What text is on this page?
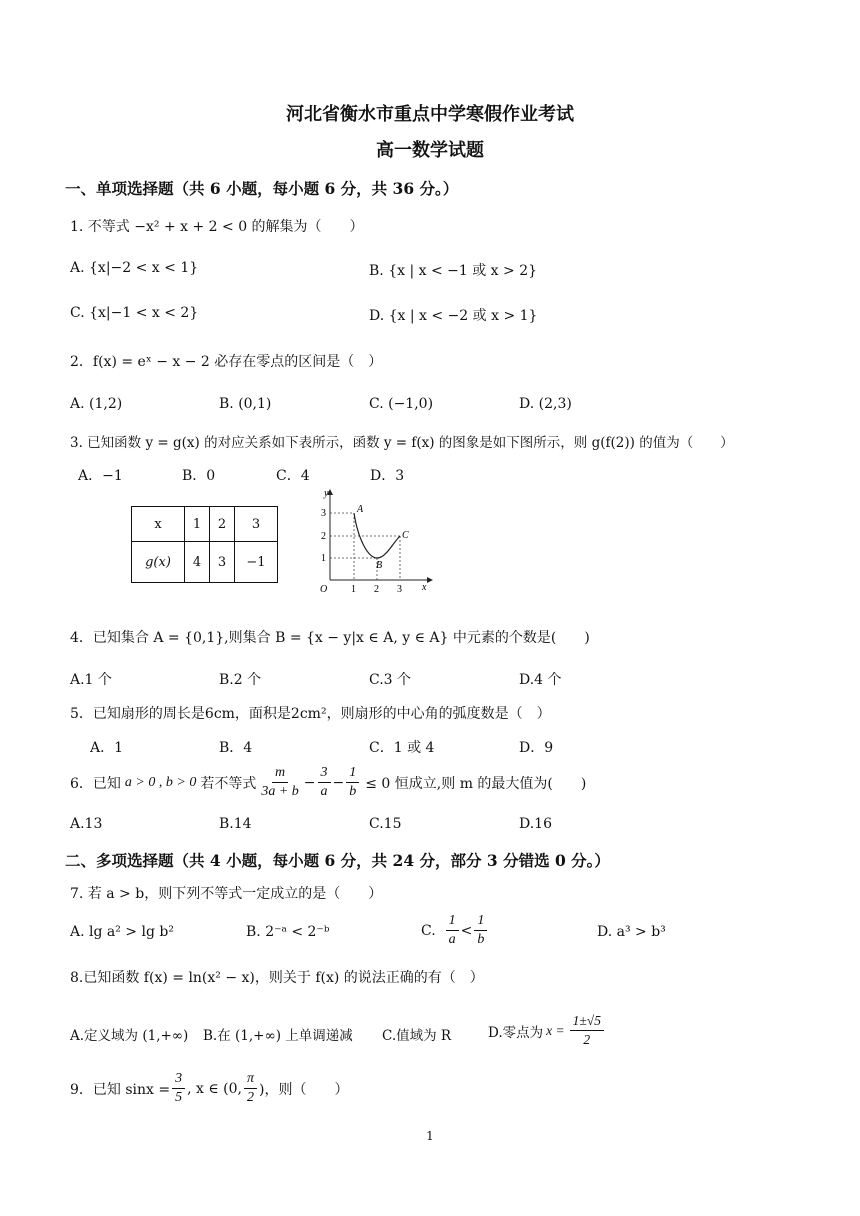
河北省衡水市重点中学寒假作业考试
高一数学试题
一、单项选择题（共 6 小题，每小题 6 分，共 36 分。）
1. 不等式 −x² + x + 2 < 0 的解集为（　　）
A. {x|−2 < x < 1}	B. {x | x < −1 或 x > 2}
C. {x|−1 < x < 2}	D. {x | x < −2 或 x > 1}
2．f(x) = eˣ − x − 2 必存在零点的区间是（　）
A. (1,2)	B. (0,1)	C. (−1,0)	D. (2,3)
3. 已知函数 y = g(x) 的对应关系如下表所示，函数 y = f(x) 的图象是如下图所示，则 g(f(2)) 的值为（　　）
A．−1	B．0	C．4	D．3
x	1	2	3
g(x)	4	3	−1
y
x
O
A
B
C
1 2 3
1
2
3
4．已知集合 A = {0,1},则集合 B = {x − y|x ∈ A, y ∈ A} 中元素的个数是(　　)
A.1 个	B.2 个	C.3 个	D.4 个
5．已知扇形的周长是6cm，面积是2cm²，则扇形的中心角的弧度数是（　）
A．1	B．4	C．1 或 4	D．9
6．已知 a > 0 , b > 0 若不等式 $\frac{m}{3a + b} - \frac{3}{a} - \frac{1}{b} \le 0$ 恒成立,则 m 的最大值为(　　)
A.13	B.14	C.15	D.16
二、多项选择题（共 4 小题，每小题 6 分，共 24 分，部分 3 分错选 0 分。）
7. 若 a > b，则下列不等式一定成立的是（　　）
A. lg a² > lg b²	B. 2⁻ᵃ < 2⁻ᵇ	C. $\frac{1}{a} < \frac{1}{b}$	D. a³ > b³
8.已知函数 f(x) = ln(x² − x)，则关于 f(x) 的说法正确的有（　）
A.定义域为 (1,+∞) B.在 (1,+∞) 上单调递减 C.值域为 R	D.零点为 $x = \frac{1\pm√5}{2}$
9．已知 $\sin x = \frac{3}{5}$ , x ∈ (0, $\frac{\pi}{2}$ )，则（　　）
1
